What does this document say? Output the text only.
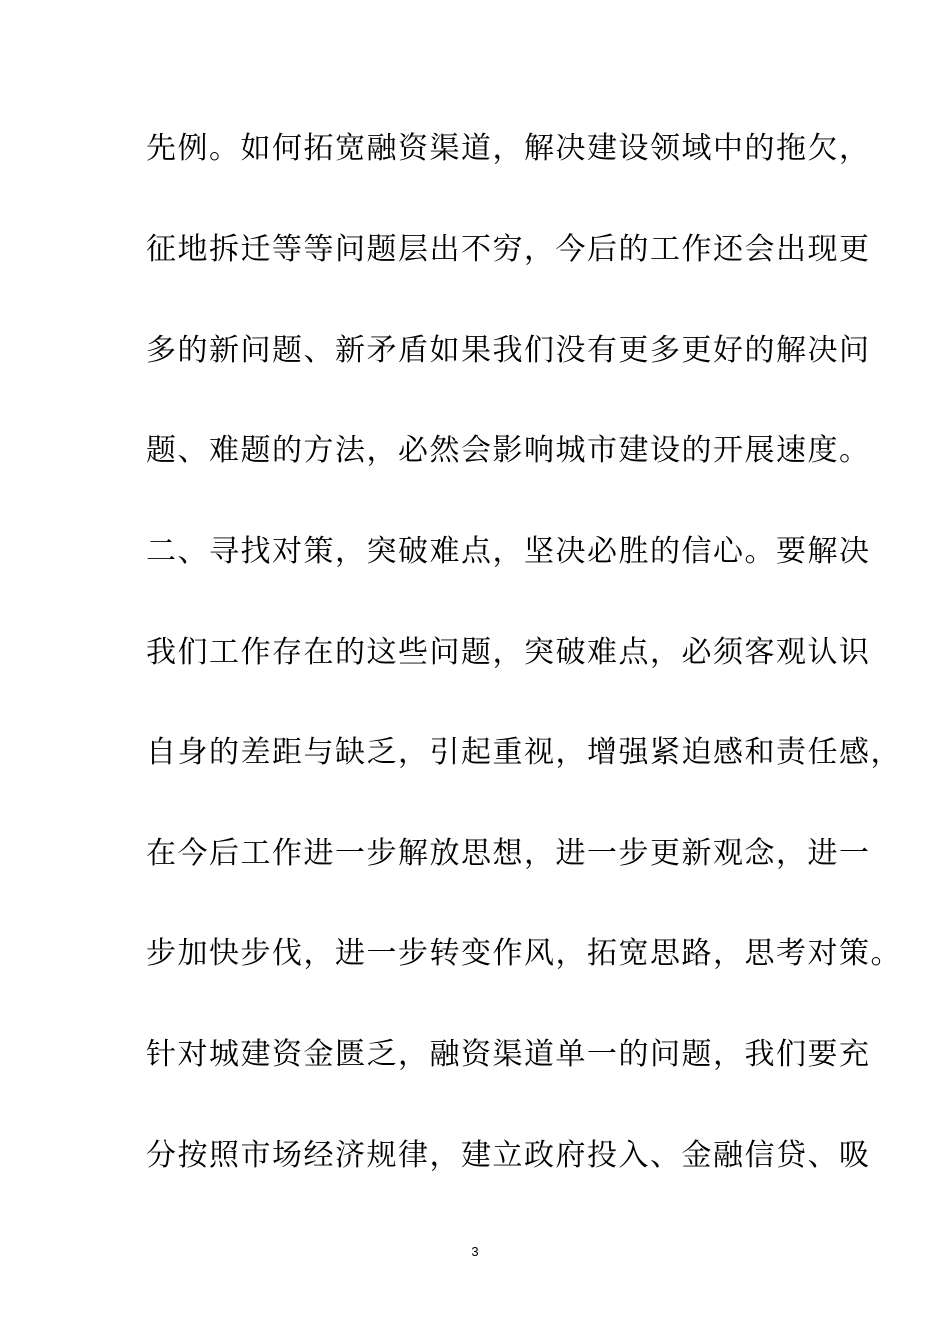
先例。如何拓宽融资渠道，解决建设领域中的拖欠，
征地拆迁等等问题层出不穷，今后的工作还会出现更
多的新问题、新矛盾如果我们没有更多更好的解决问
题、难题的方法，必然会影响城市建设的开展速度。
二、寻找对策，突破难点，坚决必胜的信心。要解决
我们工作存在的这些问题，突破难点，必须客观认识
自身的差距与缺乏，引起重视，增强紧迫感和责任感，
在今后工作进一步解放思想，进一步更新观念，进一
步加快步伐，进一步转变作风，拓宽思路，思考对策。
针对城建资金匮乏，融资渠道单一的问题，我们要充
分按照市场经济规律，建立政府投入、金融信贷、吸
3
